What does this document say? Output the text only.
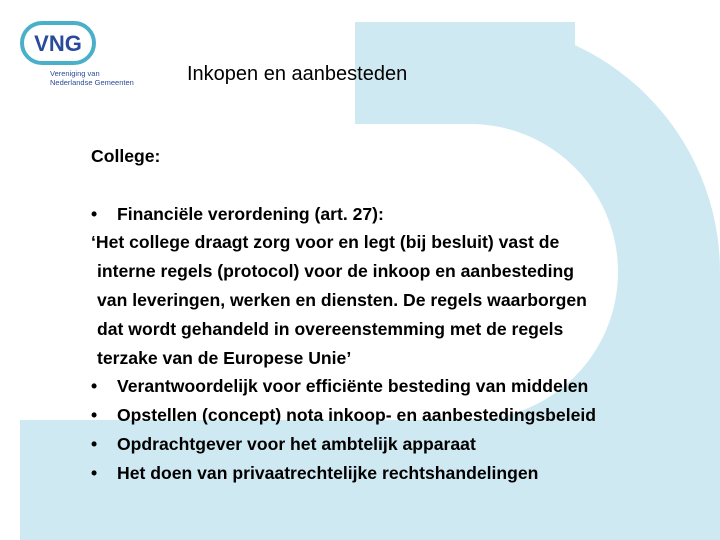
VNG
Vereniging van
Nederlandse Gemeenten	Inkopen en aanbesteden
College:
• Financiële verordening (art. 27):
‘Het college draagt zorg voor en legt (bij besluit) vast de
interne regels (protocol) voor de inkoop en aanbesteding
van leveringen, werken en diensten. De regels waarborgen
dat wordt gehandeld in overeenstemming met de regels
terzake van de Europese Unie’
• Verantwoordelijk voor efficiënte besteding van middelen
• Opstellen (concept) nota inkoop- en aanbestedingsbeleid
• Opdrachtgever voor het ambtelijk apparaat
• Het doen van privaatrechtelijke rechtshandelingen
